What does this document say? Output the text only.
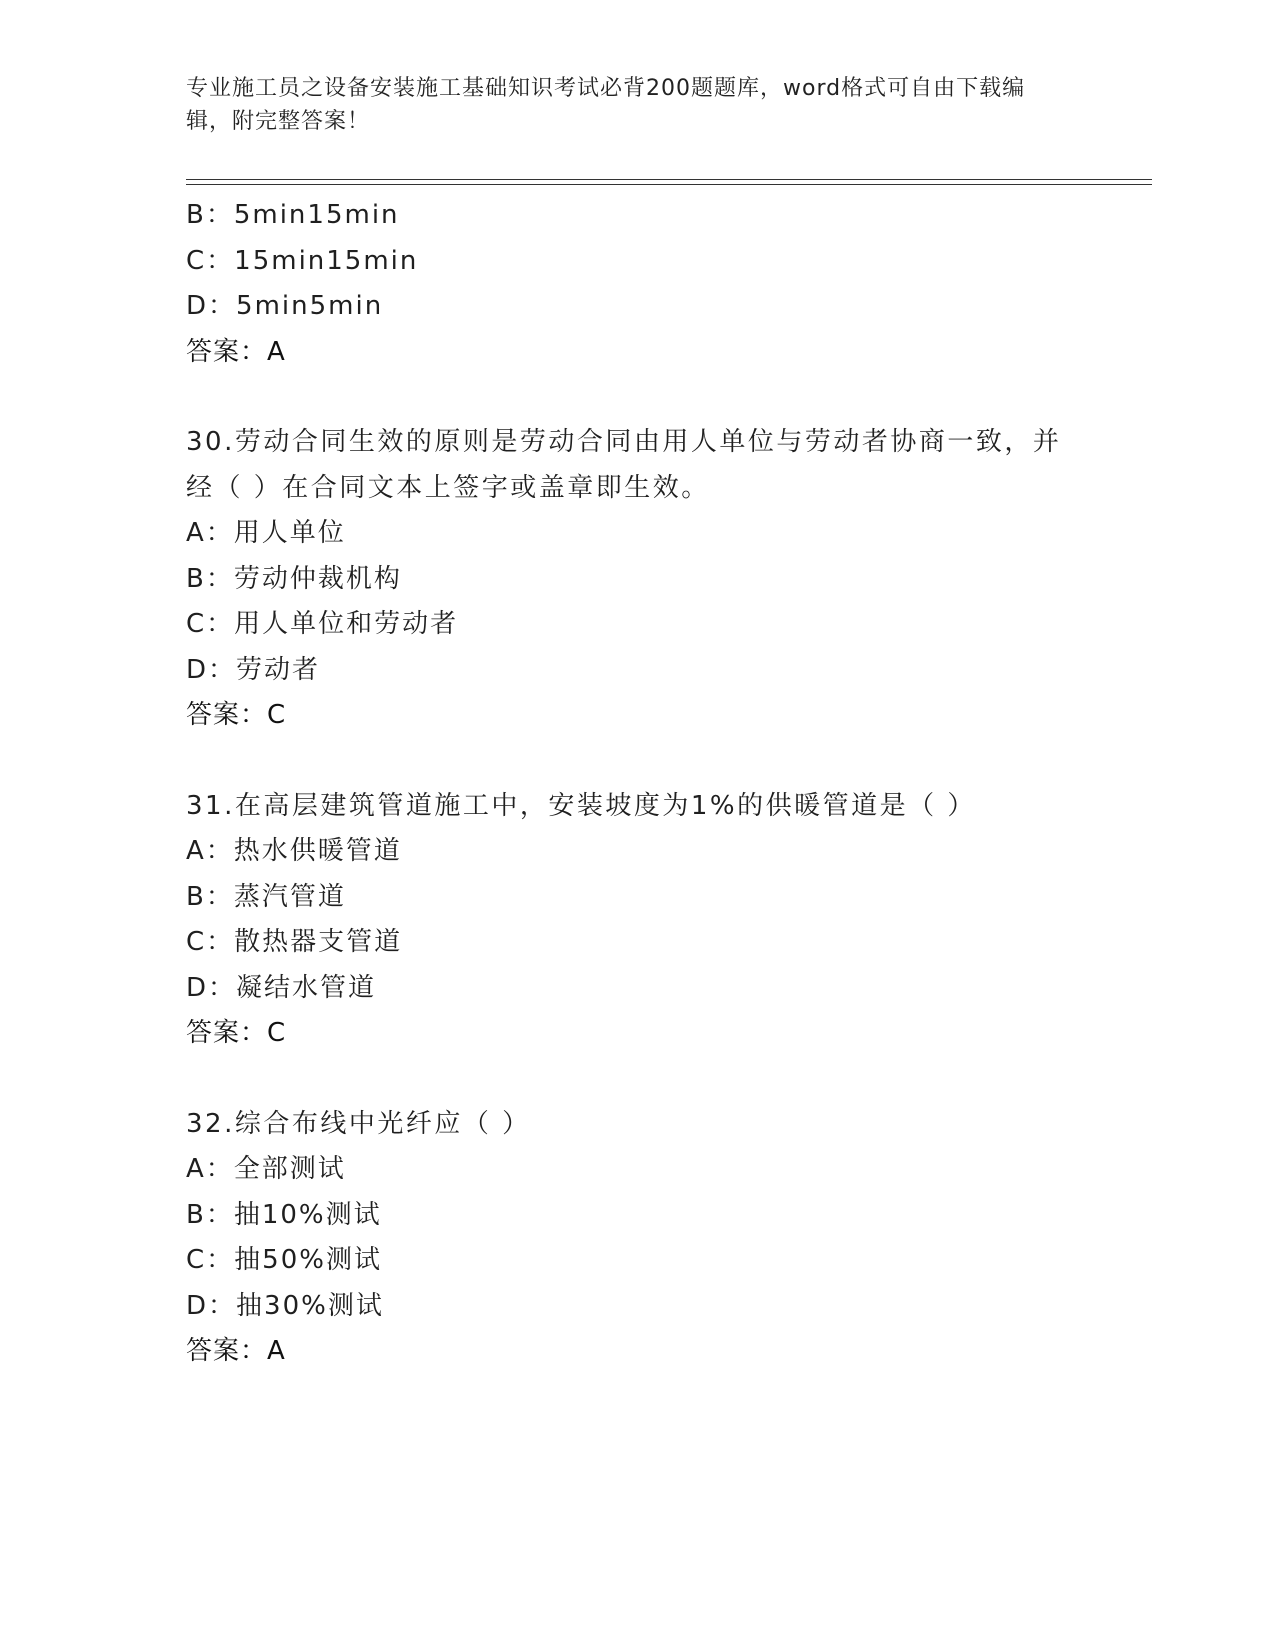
专业施工员之设备安装施工基础知识考试必背200题题库，word格式可自由下载编辑，附完整答案！
B：5min15min
C：15min15min
D：5min5min
答案：A
30.劳动合同生效的原则是劳动合同由用人单位与劳动者协商一致，并经（ ）在合同文本上签字或盖章即生效。
A：用人单位
B：劳动仲裁机构
C：用人单位和劳动者
D：劳动者
答案：C
31.在高层建筑管道施工中，安装坡度为1%的供暖管道是（ ）
A：热水供暖管道
B：蒸汽管道
C：散热器支管道
D：凝结水管道
答案：C
32.综合布线中光纤应（ ）
A：全部测试
B：抽10%测试
C：抽50%测试
D：抽30%测试
答案：A
